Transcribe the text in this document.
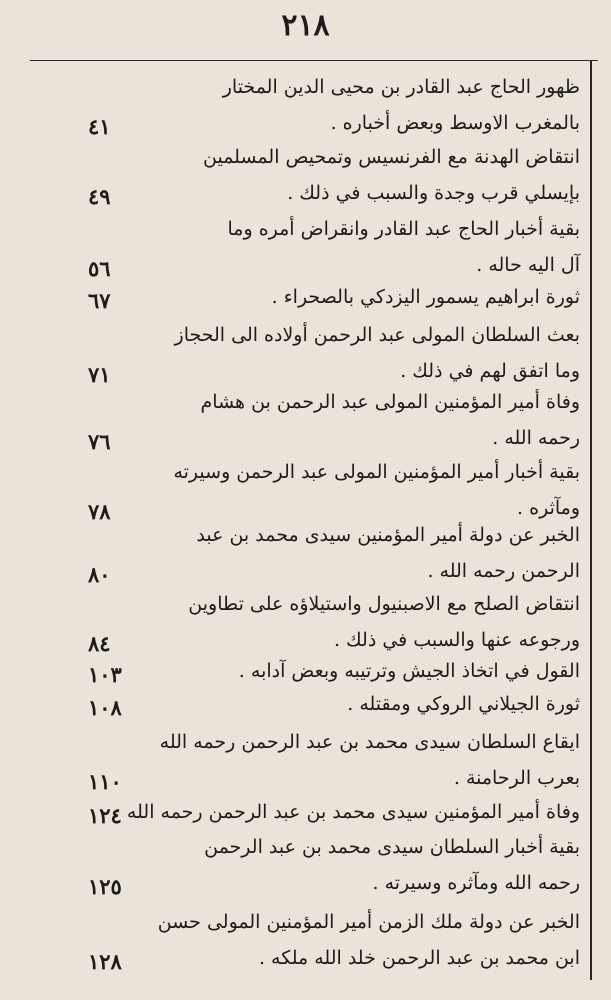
٢١٨
ظهور الحاج عبد القادر بن محيى الدين المختار
بالمغرب الاوسط وبعض أخباره .
٤١
انتقاض الهدنة مع الفرنسيس وتمحيص المسلمين
بإيسلي قرب وجدة والسبب في ذلك .
٤٩
بقية أخبار الحاج عبد القادر وانقراض أمره وما
آل اليه حاله .
٥٦
ثورة ابراهيم يسمور اليزدكي بالصحراء .
٦٧
بعث السلطان المولى عبد الرحمن أولاده الى الحجاز
وما اتفق لهم في ذلك .
٧١
وفاة أمير المؤمنين المولى عبد الرحمن بن هشام
رحمه الله .
٧٦
بقية أخبار أمير المؤمنين المولى عبد الرحمن وسيرته
ومآثره .
٧٨
الخبر عن دولة أمير المؤمنين سيدى محمد بن عبد
الرحمن رحمه الله .
٨٠
انتقاض الصلح مع الاصبنيول واستيلاؤه على تطاوين
ورجوعه عنها والسبب في ذلك .
٨٤
القول في اتخاذ الجيش وترتيبه وبعض آدابه .
١٠٣
ثورة الجيلاني الروكي ومقتله .
١٠٨
ايقاع السلطان سيدى محمد بن عبد الرحمن رحمه الله
بعرب الرحامنة .
١١٠
وفاة أمير المؤمنين سيدى محمد بن عبد الرحمن رحمه الله
١٢٤
بقية أخبار السلطان سيدى محمد بن عبد الرحمن
رحمه الله ومآثره وسيرته .
١٢٥
الخبر عن دولة ملك الزمن أمير المؤمنين المولى حسن
ابن محمد بن عبد الرحمن خلد الله ملكه .
١٢٨
